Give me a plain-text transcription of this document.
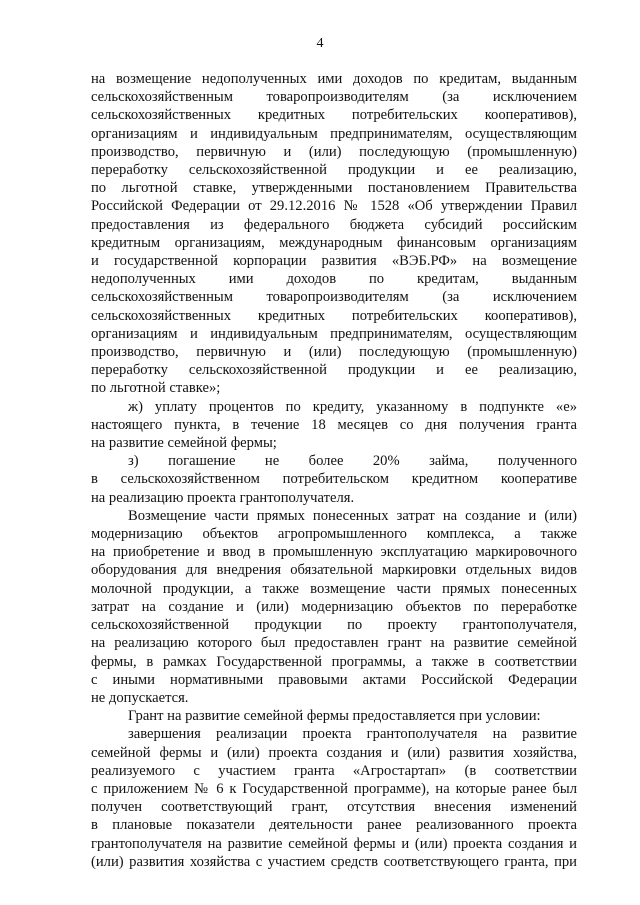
4

на возмещение недополученных ими доходов по кредитам, выданным

сельскохозяйственным товаропроизводителям (за исключением

сельскохозяйственных кредитных потребительских кооперативов),

организациям и индивидуальным предпринимателям, осуществляющим

производство, первичную и (или) последующую (промышленную)

переработку сельскохозяйственной продукции и ее реализацию,

по льготной ставке, утвержденными постановлением Правительства

Российской Федерации от 29.12.2016 № 1528 «Об утверждении Правил

предоставления из федерального бюджета субсидий российским

кредитным организациям, международным финансовым организациям

и государственной корпорации развития «ВЭБ.РФ» на возмещение

недополученных ими доходов по кредитам, выданным

сельскохозяйственным товаропроизводителям (за исключением

сельскохозяйственных кредитных потребительских кооперативов),

организациям и индивидуальным предпринимателям, осуществляющим

производство, первичную и (или) последующую (промышленную)

переработку сельскохозяйственной продукции и ее реализацию,

по льготной ставке»;

ж) уплату процентов по кредиту, указанному в подпункте «е»

настоящего пункта, в течение 18 месяцев со дня получения гранта

на развитие семейной фермы;

з) погашение не более 20% займа, полученного

в сельскохозяйственном потребительском кредитном кооперативе

на реализацию проекта грантополучателя.

Возмещение части прямых понесенных затрат на создание и (или)

модернизацию объектов агропромышленного комплекса, а также

на приобретение и ввод в промышленную эксплуатацию маркировочного

оборудования для внедрения обязательной маркировки отдельных видов

молочной продукции, а также возмещение части прямых понесенных

затрат на создание и (или) модернизацию объектов по переработке

сельскохозяйственной продукции по проекту грантополучателя,

на реализацию которого был предоставлен грант на развитие семейной

фермы, в рамках Государственной программы, а также в соответствии

с иными нормативными правовыми актами Российской Федерации

не допускается.

Грант на развитие семейной фермы предоставляется при условии:

завершения реализации проекта грантополучателя на развитие

семейной фермы и (или) проекта создания и (или) развития хозяйства,

реализуемого с участием гранта «Агростартап» (в соответствии

с приложением № 6 к Государственной программе), на которые ранее был

получен соответствующий грант, отсутствия внесения изменений

в плановые показатели деятельности ранее реализованного проекта

грантополучателя на развитие семейной фермы и (или) проекта создания и

(или) развития хозяйства с участием средств соответствующего гранта, при
